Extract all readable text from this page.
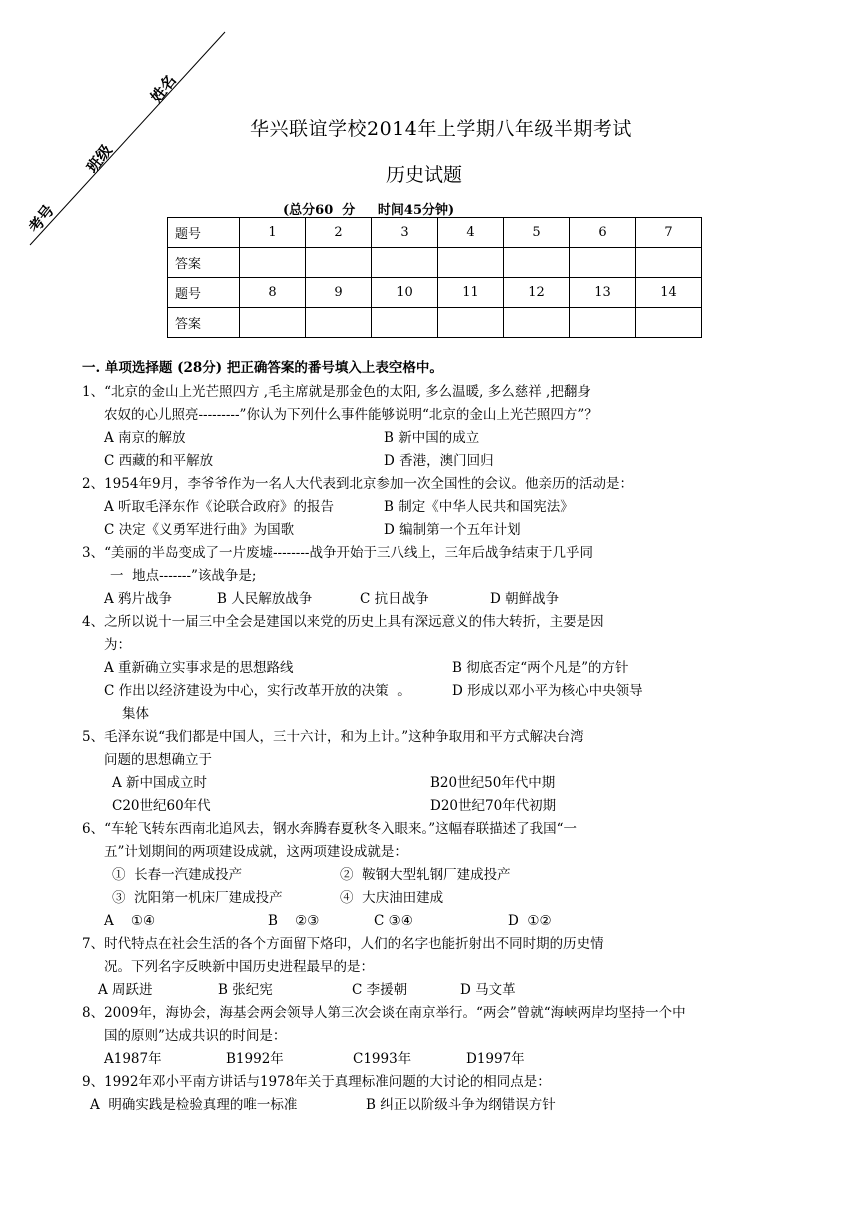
考号
班级
姓名
华兴联谊学校2014年上学期八年级半期考试
历史试题
(总分60  分     时间45分钟)
题号	1	2	3	4	5	6	7
答案							
题号	8	9	10	11	12	13	14
答案							
一. 单项选择题 (28分) 把正确答案的番号填入上表空格中。
1、“北京的金山上光芒照四方 ,毛主席就是那金色的太阳, 多么温暖, 多么慈祥 ,把翻身
农奴的心儿照亮---------”你认为下列什么事件能够说明“北京的金山上光芒照四方”？
A 南京的解放	B 新中国的成立
C 西藏的和平解放	D 香港，澳门回归
2、1954年9月，李爷爷作为一名人大代表到北京参加一次全国性的会议。他亲历的活动是：
A 听取毛泽东作《论联合政府》的报告	B 制定《中华人民共和国宪法》
C 决定《义勇军进行曲》为国歌	D 编制第一个五年计划
3、“美丽的半岛变成了一片废墟--------战争开始于三八线上，三年后战争结束于几乎同
一  地点-------”该战争是;
A 鸦片战争	B 人民解放战争	C 抗日战争	D 朝鲜战争
4、之所以说十一届三中全会是建国以来党的历史上具有深远意义的伟大转折，主要是因
为：
A 重新确立实事求是的思想路线	B 彻底否定“两个凡是”的方针
C 作出以经济建设为中心，实行改革开放的决策  。	D 形成以邓小平为核心中央领导
集体
5、毛泽东说“我们都是中国人，三十六计，和为上计。”这种争取用和平方式解决台湾
问题的思想确立于
A 新中国成立时	B20世纪50年代中期
C20世纪60年代	D20世纪70年代初期
6、“车轮飞转东西南北追风去，钢水奔腾春夏秋冬入眼来。”这幅春联描述了我国“一
五”计划期间的两项建设成就，这两项建设成就是：
①  长春一汽建成投产	②  鞍钢大型轧钢厂建成投产
③  沈阳第一机床厂建成投产	④  大庆油田建成
A    ①④	B    ②③	C ③④	D  ①②
7、时代特点在社会生活的各个方面留下烙印，人们的名字也能折射出不同时期的历史情
况。下列名字反映新中国历史进程最早的是：
A 周跃进	B 张纪宪	C 李援朝	D 马文革
8、2009年，海协会，海基会两会领导人第三次会谈在南京举行。“两会”曾就“海峡两岸均坚持一个中
国的原则”达成共识的时间是：
A1987年	B1992年	C1993年	D1997年
9、1992年邓小平南方讲话与1978年关于真理标准问题的大讨论的相同点是：
A  明确实践是检验真理的唯一标准	B 纠正以阶级斗争为纲错误方针
